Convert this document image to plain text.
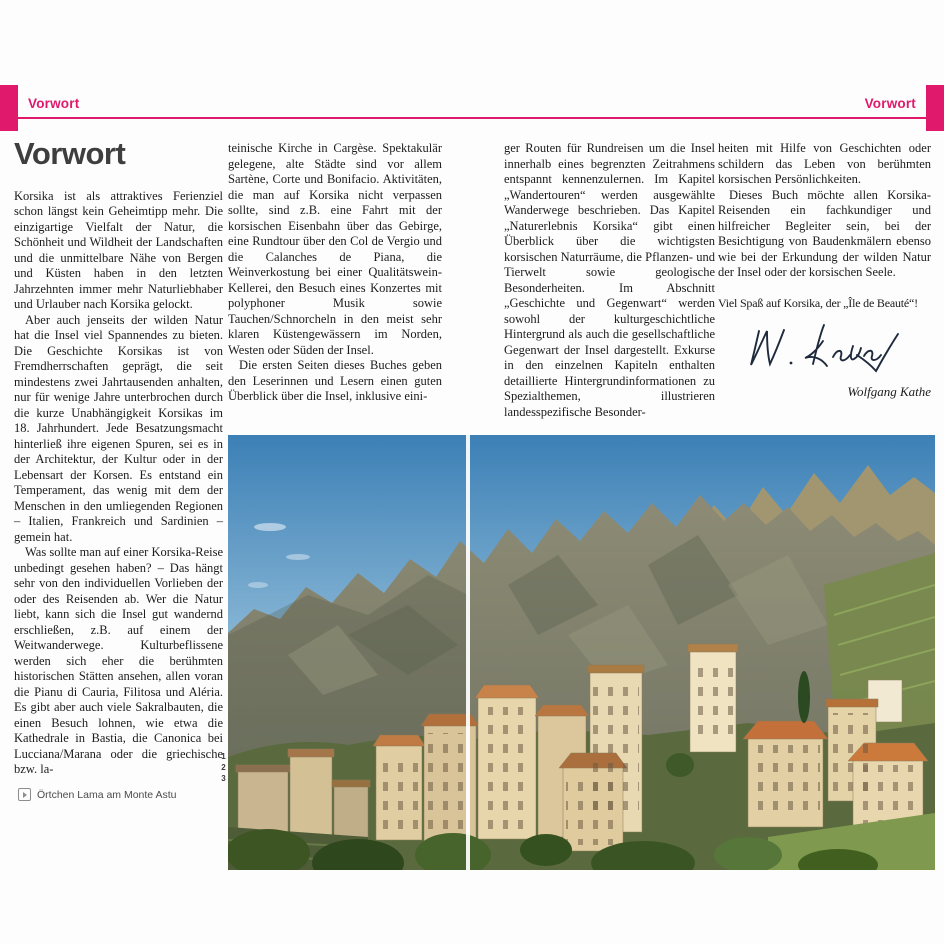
Vorwort	Vorwort
Vorwort

Korsika ist als attraktives Ferienziel schon längst kein Geheimtipp mehr. Die einzigartige Vielfalt der Natur, die Schönheit und Wildheit der Landschaften und die unmittelbare Nähe von Bergen und Küsten haben in den letzten Jahrzehnten immer mehr Naturliebhaber und Urlauber nach Korsika gelockt.

Aber auch jenseits der wilden Natur hat die Insel viel Spannendes zu bieten. Die Geschichte Korsikas ist von Fremdherrschaften geprägt, die seit mindestens zwei Jahrtausenden anhalten, nur für wenige Jahre unterbrochen durch die kurze Unabhängigkeit Korsikas im 18. Jahrhundert. Jede Besatzungsmacht hinterließ ihre eigenen Spuren, sei es in der Architektur, der Kultur oder in der Lebensart der Korsen. Es entstand ein Temperament, das wenig mit dem der Menschen in den umliegenden Regionen – Italien, Frankreich und Sardinien – gemein hat.

Was sollte man auf einer Korsika-Reise unbedingt gesehen haben? – Das hängt sehr von den individuellen Vorlieben der oder des Reisenden ab. Wer die Natur liebt, kann sich die Insel gut wandernd erschließen, z.B. auf einem der Weitwanderwege. Kulturbeflissene werden sich eher die berühmten historischen Stätten ansehen, allen voran die Pianu di Cauria, Filitosa und Aléria. Es gibt aber auch viele Sakralbauten, die einen Besuch lohnen, wie etwa die Kathedrale in Bastia, die Canonica bei Lucciana/Marana oder die griechische bzw. la-

teinische Kirche in Cargèse. Spektakulär gelegene, alte Städte sind vor allem Sartène, Corte und Bonifacio. Aktivitäten, die man auf Korsika nicht verpassen sollte, sind z.B. eine Fahrt mit der korsischen Eisenbahn über das Gebirge, eine Rundtour über den Col de Vergio und die Calanches de Piana, die Weinverkostung bei einer Qualitätswein-Kellerei, den Besuch eines Konzertes mit polyphoner Musik sowie Tauchen/Schnorcheln in den meist sehr klaren Küstengewässern im Norden, Westen oder Süden der Insel.

Die ersten Seiten dieses Buches geben den Leserinnen und Lesern einen guten Überblick über die Insel, inklusive eini-

ger Routen für Rundreisen um die Insel innerhalb eines begrenzten Zeitrahmens entspannt kennenzulernen. Im Kapitel „Wandertouren“ werden ausgewählte Wanderwege beschrieben. Das Kapitel „Naturerlebnis Korsika“ gibt einen Überblick über die wichtigsten korsischen Naturräume, die Pflanzen- und Tierwelt sowie geologische Besonderheiten. Im Abschnitt „Geschichte und Gegenwart“ werden sowohl der kulturgeschichtliche Hintergrund als auch die gesellschaftliche Gegenwart der Insel dargestellt. Exkurse in den einzelnen Kapiteln enthalten detaillierte Hintergrundinformationen zu Spezialthemen, illustrieren landesspezifische Besonder-

heiten mit Hilfe von Geschichten oder schildern das Leben von berühmten korsischen Persönlichkeiten.

Dieses Buch möchte allen Korsika-Reisenden ein fachkundiger und hilfreicher Begleiter sein, bei der Besichtigung von Baudenkmälern ebenso wie bei der Erkundung der wilden Natur der Insel oder der korsischen Seele.

Viel Spaß auf Korsika, der „Île de Beauté“!

Wolfgang Kathe

Örtchen Lama am Monte Astu
123
